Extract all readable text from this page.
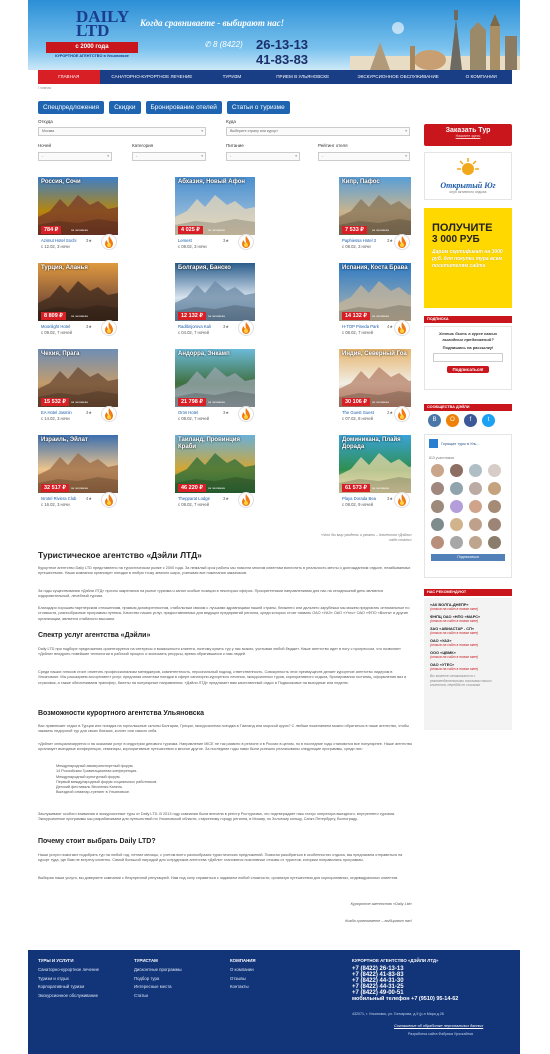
DAILY
LTD
с 2000 года
КУРОРТНОЕ АГЕНТСТВО в Ульяновске
Когда сравниваете - выбирают нас!
✆ 8 (8422) 26-13-13
41-83-83
ГЛАВНАЯ	САНАТОРНО-КУРОРТНОЕ ЛЕЧЕНИЕ	ТУРИЗМ	ПРИЕМ В УЛЬЯНОВСКЕ	ЭКСКУРСИОННОЕ ОБСЛУЖИВАНИЕ	О КОМПАНИИ
Главная
Спецпредложения	Скидки	Бронирование отелей	Статьи о туризме
Откуда
Москва ▾
Куда
Выберите страну или курорт ▾
Ночей
- ▾
Категория
- ▾
Питание
- ▾
Рейтинг отеля
- ▾
Россия, Сочи
784 ₽	за человека
Azimut Hotel Sochi	3★
с 12.02, 3 ночи
Абхазия, Новый Афон
4 025 ₽	за человека
Lemest	3★
с 08.02, 3 ночи
Кипр, Пафос
7 533 ₽	за человека
Paphiessa Hotel 3	3★
с 08.02, 3 ночи
Турция, Аланья
8 809 ₽	за человека
Moonlight Hotel	3★
с 09.02, 7 ночей
Болгария, Банско
12 132 ₽	за человека
Radibnjorova Kali	3★
с 04.02, 7 ночей
Испания, Коста Брава
14 132 ₽	за человека
H-TOP Pineda Park	4★
с 08.02, 7 ночей
Чехия, Прага
15 532 ₽	за человека
EA Hotel Jasmin	3★
с 14.02, 3 ночи
Андорра, Энкамп
21 798 ₽	за человека
Oros Hotel	3★
с 08.02, 7 ночей
Индия, Северный Гоа
30 106 ₽	за человека
The Guest Guest	2★
с 07.02, 8 ночей
Израиль, Эйлат
32 517 ₽	за человека
Isrotel Riviera Club	4★
с 16.02, 3 ночи
Таиланд, Провинция Краби
46 220 ₽	за человека
Thepparat Lodge	3★
с 08.02, 7 ночей
Доминикана, Плайя Дорада
61 573 ₽	за человека
Playa Dorada Bea	3★
с 08.02, 9 ночей
«Что бы мир увидеть и узнать – Клиентом «Дэйли» надо стать»
Туристическое агентство «Дэйли ЛТД»
Курортное агентство Daily LTD представлено на туристическом рынке с 2000 года. За немалый срок работы мы помогли многим клиентам воплотить в реальность мечты о долгожданном отдыхе, незабываемых путешествиях. Наша компания организует поездки в любую точку земного шара, учитывая все пожелания заказчиков.
За годы существования «Дэйли ЛТД» прочно закрепился на рынке туризма и занял особые позиции в некоторых сферах. Приоритетными направлениями для нас на сегодняшний день являются оздоровительный, лечебный туризм.
Благодаря хорошим партнерским отношениям, прямым договоренностям, стабильным связям с лучшими здравницами нашей страны, ближнего или дальнего зарубежья мы можем предлагать оптимальные по стоимости, разнообразные программы путевок. Качество наших услуг, предоставляемых для ведущих предприятий региона, среди которых стоит назвать ОАО «УАЗ» ОАО «Утес» ОАО «ФПО «Волга» и другие организации, является стабильно высоким.
Спектр услуг агентства «Дэйли»
Daily LTD при подборе предложения ориентируется на интересы и возможности клиента, поэтому купить тур у нас можно, учитывая любой бюджет. Наше агентство идет в ногу с прогрессом, что позволяет «Дэйли» внедрять новейшие технологии в рабочий процесс и экономить ресурсы, время обратившихся к нам людей.
Среди наших плюсов стоит отметить профессионализм менеджеров, компетентность, персональный подход, ответственность. Совокупность этих преимуществ делает курортное агентство лидером в Ульяновске. Мы расширяем ассортимент услуг, предлагая клиентам поездки в сфере санаторно-курортного лечения, экскурсионных туров, корпоративного отдыха, бронирования гостиниц, оформления виз и страховок, а также обеспечиваем трансфер, билеты на популярные направления. «Дэйли ЛТД» предлагает вам качественный отдых в Подмосковье на выходные или неделю.
Возможности курортного агентства Ульяновска
Вас привлекает отдых в Турции или поездка на горнолыжные склоны Болгарии, Греции, экскурсионная поездка в Таиланд или морской круиз? С любым пожеланием можно обратиться в наше агентство, чтобы заказать недорогой тур для своих близких, коллег или самого себя.
«Дэйли» специализируется и на оказании услуг в индустрии делового туризма. Направление MICE не так развито в регионе и в России в целом, но в последние годы становится все популярнее. Наше агентство организует выездные конференции, семинары, корпоративные путешествия и многое другое. За последние годы нами были успешно реализованы следующие программы, среди них:
Международный авиатранспортный форум.
14 Российская Гравитационная конференция.
Международный культурный форум.
Первый международный форум социальных работников.
Детский фестиваль Весенняя Капель.
Выездной семинар-тренинг в Ульяновске.
Заслуживают особого внимания и экскурсионные туры от Daily LTD. В 2013 году компания была внесена в реестр Ростуризма, что подтверждает наш статус оператора выездного, внутреннего туризма. Экскурсионные программы мы разрабатываем для путешествий по Ульяновской области, старинному городу региона, в Москву, по Золотому кольцу, Санкт-Петербургу, Волгограду.
Почему стоит выбрать Daily LTD?
Наши услуги помогают подобрать тур на любой год, летние месяцы, с учетом всего разнообразия туристических предложений. Помогая разобраться в особенностях отдыха, мы предлагаем отправиться на курорт туда, где Вам не встречу клиенты. Самой большой наградой для сотрудников агентства «Дэйли» становятся позитивные отзывы от туристов, которым понравились программы.
Выбирая наши услуги, вы доверяете компании с безупречной репутацией. Нам под силу справиться с заданием любой сложности, организуя путешествия для корпоративных, индивидуальных клиентов.
Курортное агентство «Daily Ltd»
Когда сравниваете – выбирают нас!
Заказать Тур
Нажмите здесь
Открытый Юг
клуб активного отдыха
ПОЛУЧИТЕ
3 000 РУБ
Дарим сертификат на 3000 руб. для покупки тура всем посетителям сайта
ПОДПИСКА
Хочешь быть в курсе самых выгодных предложений?
Подпишись на рассылку!
Подписаться!
СООБЩЕСТВА ДЭЙЛИ
В	О	f	t
Горящие туры в Уль...
813 участников
Подписаться
НАС РЕКОМЕНДУЮТ
«АК ВОЛГА-ДНЕПР»
(отзыв на сайт в новом окне)
ФНПЦ ОАО «НПО «МАРС»
(отзыв на сайт в новом окне)
ЗАО «АВИАСТАР - СП»
(отзыв на сайт в новом окне)
ОАО «УАЗ»
(отзыв на сайт в новом окне)
ООО «ЦВМК»
(отзыв на сайт в новом окне)
ОАО «УТЕС»
(отзыв на сайт в новом окне)
Вы можете ознакомиться с рекомендательными письмами наших клиентов, перейдя по ссылкам
ТУРЫ И УСЛУГИ
Санаторно-курортное лечение
Туризм и отдых
Корпоративный туризм
Экскурсионное обслуживание
ТУРИСТАМ
Дисконтные программы
Подбор тура
Интересные места
Статьи
КОМПАНИЯ
О компании
Отзывы
Контакты
КУРОРТНОЕ АГЕНТСТВО «ДЭЙЛИ ЛТД»
+7 (8422) 26-13-13
+7 (8422) 41-83-83
+7 (8422) 44-31-30
+7 (8422) 44-31-25
+7 (8422) 49-00-51
мобильный телефон +7 (9510) 95-14-62
432071, г. Ульяновск, ул. Гончарова, д.9 (р-н Мира д.26
Соглашение об обработке персональных данных
Разработка сайта Фабрика Уроскайтов
